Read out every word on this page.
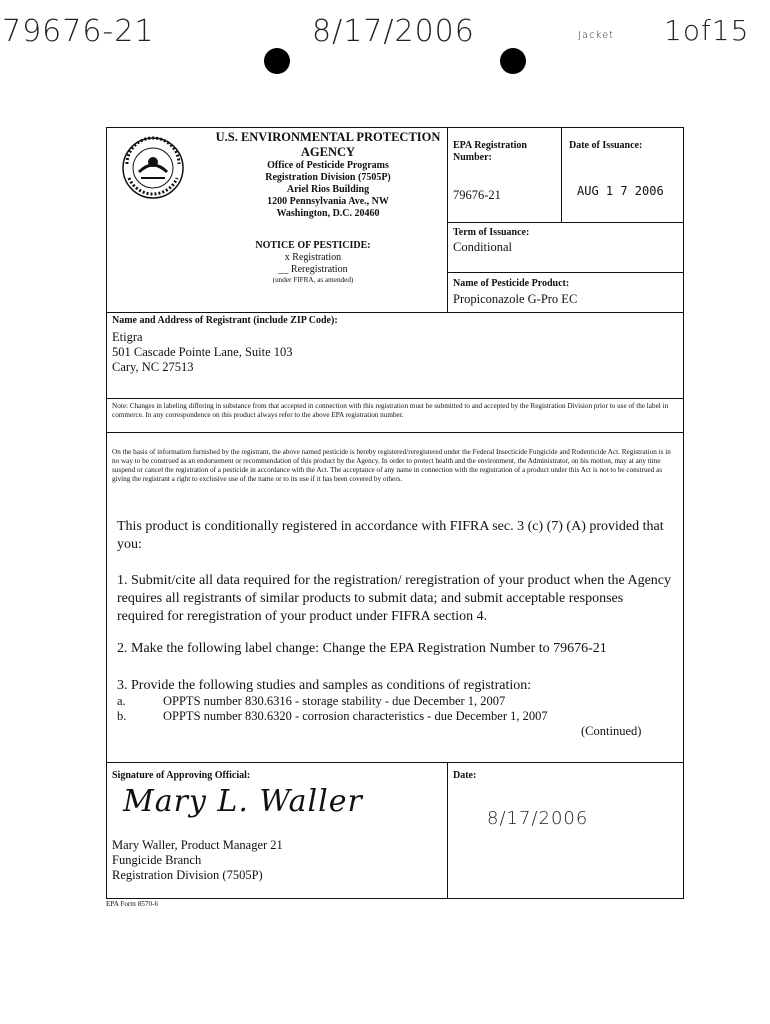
79676-21	8/17/2006	Jacket 1of15
U.S. ENVIRONMENTAL PROTECTION
AGENCY
Office of Pesticide Programs
Registration Division (7505P)
Ariel Rios Building
1200 Pennsylvania Ave., NW
Washington, D.C. 20460
NOTICE OF PESTICIDE:
x Registration
__ Reregistration
(under FIFRA, as amended)
EPA Registration Number:
79676-21
Date of Issuance:
AUG 1 7 2006
Term of Issuance:
Conditional
Name of Pesticide Product:
Propiconazole G-Pro EC
Name and Address of Registrant (include ZIP Code):
Etigra
501 Cascade Pointe Lane, Suite 103
Cary, NC 27513
Note: Changes in labeling differing in substance from that accepted in connection with this registration must be submitted to and accepted by the Registration Division prior to use of the label in commerce. In any correspondence on this product always refer to the above EPA registration number.
On the basis of information furnished by the registrant, the above named pesticide is hereby registered/reregistered under the Federal Insecticide Fungicide and Rodenticide Act. Registration is in no way to be construed as an endorsement or recommendation of this product by the Agency. In order to protect health and the environment, the Administrator, on his motion, may at any time suspend or cancel the registration of a pesticide in accordance with the Act. The acceptance of any name in connection with the registration of a product under this Act is not to be construed as giving the registrant a right to exclusive use of the name or to its use if it has been covered by others.
This product is conditionally registered in accordance with FIFRA sec. 3 (c) (7) (A) provided that you:
1. Submit/cite all data required for the registration/ reregistration of your product when the Agency requires all registrants of similar products to submit data; and submit acceptable responses required for reregistration of your product under FIFRA section 4.
2. Make the following label change: Change the EPA Registration Number to 79676-21
3. Provide the following studies and samples as conditions of registration:
a.	OPPTS number 830.6316 - storage stability - due December 1, 2007
b.	OPPTS number 830.6320 - corrosion characteristics - due December 1, 2007
(Continued)
Signature of Approving Official:
Mary L. Waller
Mary Waller, Product Manager 21
Fungicide Branch
Registration Division (7505P)
Date:
8/17/2006
EPA Form 8570-6
